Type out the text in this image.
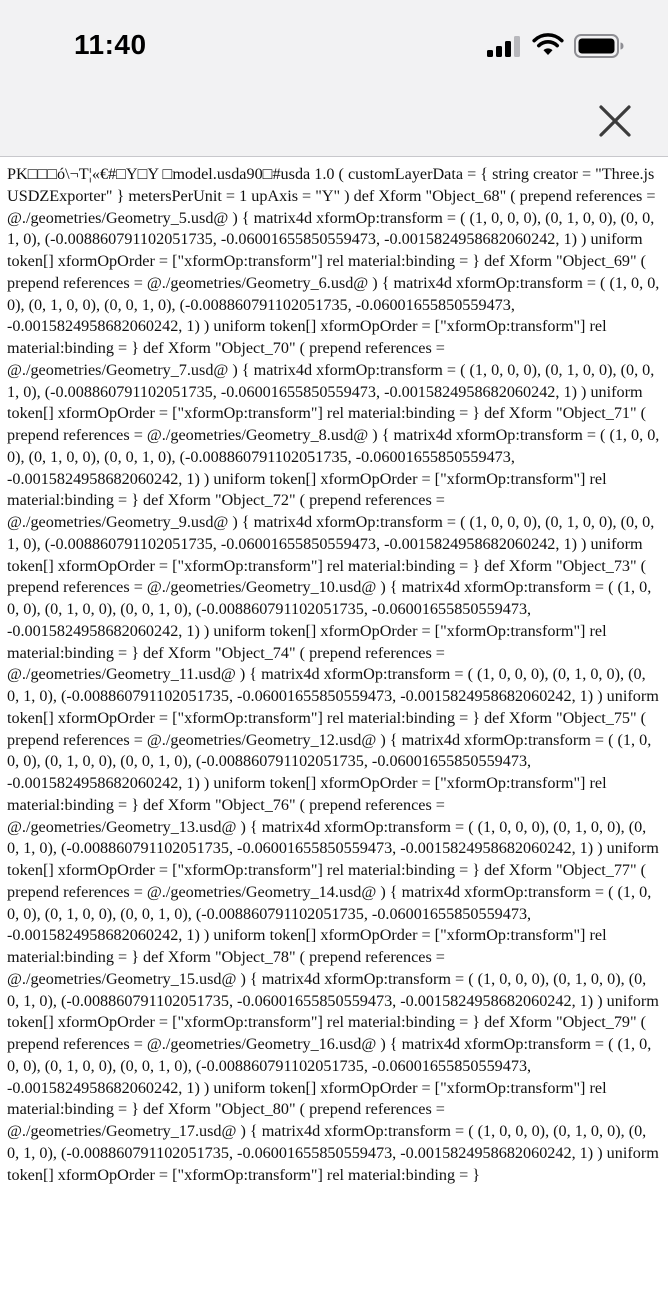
11:40

PK□□□ó\¬T¦«€#□Y□Y □model.usda90□#usda 1.0 ( customLayerData = { string creator = "Three.js USDZExporter" } metersPerUnit = 1 upAxis = "Y" ) def Xform "Object_68" ( prepend references = @./geometries/Geometry_5.usd@ ) { matrix4d xformOp:transform = ( (1, 0, 0, 0), (0, 1, 0, 0), (0, 0, 1, 0), (-0.008860791102051735, -0.06001655850559473, -0.0015824958682060242, 1) ) uniform token[] xformOpOrder = ["xformOp:transform"] rel material:binding = } def Xform "Object_69" ( prepend references = @./geometries/Geometry_6.usd@ ) { matrix4d xformOp:transform = ( (1, 0, 0, 0), (0, 1, 0, 0), (0, 0, 1, 0), (-0.008860791102051735, -0.06001655850559473, -0.0015824958682060242, 1) ) uniform token[] xformOpOrder = ["xformOp:transform"] rel material:binding = } def Xform "Object_70" ( prepend references = @./geometries/Geometry_7.usd@ ) { matrix4d xformOp:transform = ( (1, 0, 0, 0), (0, 1, 0, 0), (0, 0, 1, 0), (-0.008860791102051735, -0.06001655850559473, -0.0015824958682060242, 1) ) uniform token[] xformOpOrder = ["xformOp:transform"] rel material:binding = } def Xform "Object_71" ( prepend references = @./geometries/Geometry_8.usd@ ) { matrix4d xformOp:transform = ( (1, 0, 0, 0), (0, 1, 0, 0), (0, 0, 1, 0), (-0.008860791102051735, -0.06001655850559473, -0.0015824958682060242, 1) ) uniform token[] xformOpOrder = ["xformOp:transform"] rel material:binding = } def Xform "Object_72" ( prepend references = @./geometries/Geometry_9.usd@ ) { matrix4d xformOp:transform = ( (1, 0, 0, 0), (0, 1, 0, 0), (0, 0, 1, 0), (-0.008860791102051735, -0.06001655850559473, -0.0015824958682060242, 1) ) uniform token[] xformOpOrder = ["xformOp:transform"] rel material:binding = } def Xform "Object_73" ( prepend references = @./geometries/Geometry_10.usd@ ) { matrix4d xformOp:transform = ( (1, 0, 0, 0), (0, 1, 0, 0), (0, 0, 1, 0), (-0.008860791102051735, -0.06001655850559473, -0.0015824958682060242, 1) ) uniform token[] xformOpOrder = ["xformOp:transform"] rel material:binding = } def Xform "Object_74" ( prepend references = @./geometries/Geometry_11.usd@ ) { matrix4d xformOp:transform = ( (1, 0, 0, 0), (0, 1, 0, 0), (0, 0, 1, 0), (-0.008860791102051735, -0.06001655850559473, -0.0015824958682060242, 1) ) uniform token[] xformOpOrder = ["xformOp:transform"] rel material:binding = } def Xform "Object_75" ( prepend references = @./geometries/Geometry_12.usd@ ) { matrix4d xformOp:transform = ( (1, 0, 0, 0), (0, 1, 0, 0), (0, 0, 1, 0), (-0.008860791102051735, -0.06001655850559473, -0.0015824958682060242, 1) ) uniform token[] xformOpOrder = ["xformOp:transform"] rel material:binding = } def Xform "Object_76" ( prepend references = @./geometries/Geometry_13.usd@ ) { matrix4d xformOp:transform = ( (1, 0, 0, 0), (0, 1, 0, 0), (0, 0, 1, 0), (-0.008860791102051735, -0.06001655850559473, -0.0015824958682060242, 1) ) uniform token[] xformOpOrder = ["xformOp:transform"] rel material:binding = } def Xform "Object_77" ( prepend references = @./geometries/Geometry_14.usd@ ) { matrix4d xformOp:transform = ( (1, 0, 0, 0), (0, 1, 0, 0), (0, 0, 1, 0), (-0.008860791102051735, -0.06001655850559473, -0.0015824958682060242, 1) ) uniform token[] xformOpOrder = ["xformOp:transform"] rel material:binding = } def Xform "Object_78" ( prepend references = @./geometries/Geometry_15.usd@ ) { matrix4d xformOp:transform = ( (1, 0, 0, 0), (0, 1, 0, 0), (0, 0, 1, 0), (-0.008860791102051735, -0.06001655850559473, -0.0015824958682060242, 1) ) uniform token[] xformOpOrder = ["xformOp:transform"] rel material:binding = } def Xform "Object_79" ( prepend references = @./geometries/Geometry_16.usd@ ) { matrix4d xformOp:transform = ( (1, 0, 0, 0), (0, 1, 0, 0), (0, 0, 1, 0), (-0.008860791102051735, -0.06001655850559473, -0.0015824958682060242, 1) ) uniform token[] xformOpOrder = ["xformOp:transform"] rel material:binding = } def Xform "Object_80" ( prepend references = @./geometries/Geometry_17.usd@ ) { matrix4d xformOp:transform = ( (1, 0, 0, 0), (0, 1, 0, 0), (0, 0, 1, 0), (-0.008860791102051735, -0.06001655850559473, -0.0015824958682060242, 1) ) uniform token[] xformOpOrder = ["xformOp:transform"] rel material:binding = }
